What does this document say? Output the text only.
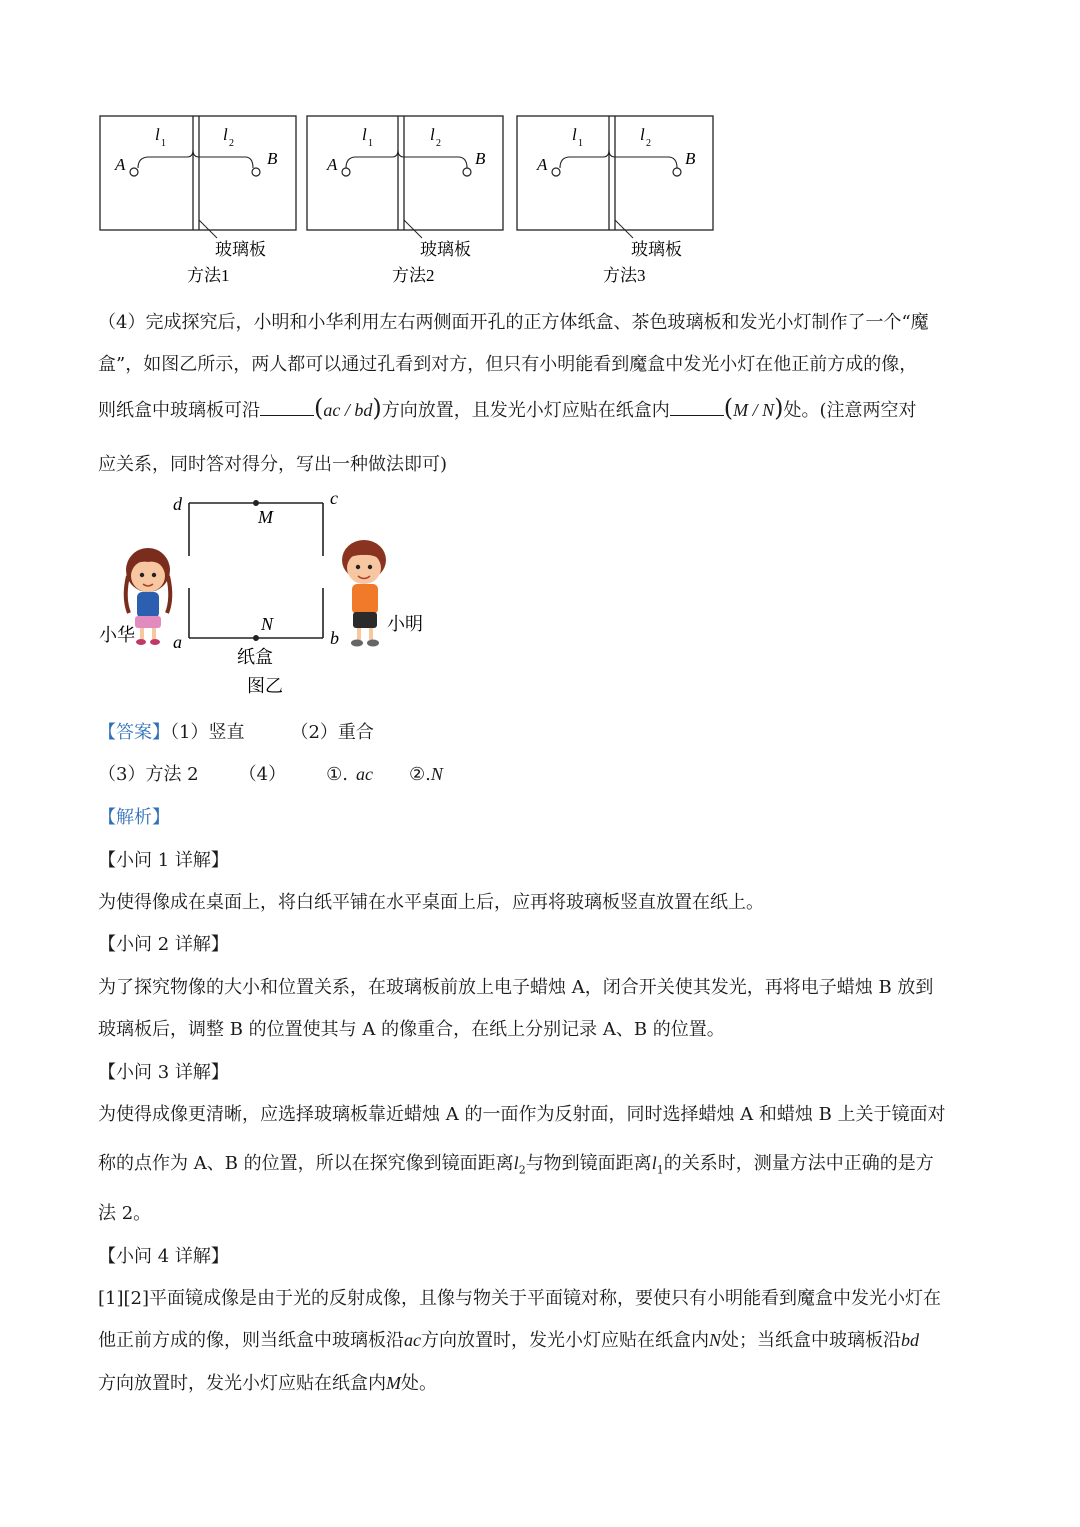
A	B
l 1	l 2
玻璃板
方法1
A	B
l 1	l 2
玻璃板
方法2
A	B
l 1	l 2
玻璃板
方法3
（4）完成探究后，小明和小华利用左右两侧面开孔的正方体纸盒、茶色玻璃板和发光小灯制作了一个“魔
盒”，如图乙所示，两人都可以通过孔看到对方，但只有小明能看到魔盒中发光小灯在他正前方成的像，
则纸盒中玻璃板可沿 (ac / bd)方向放置，且发光小灯应贴在纸盒内 (M / N)处。(注意两空对
应关系，同时答对得分，写出一种做法即可)
d	c
a	b
M
N
纸盒
图乙
小华
小明
【答案】（1）竖直	（2）重合
（3）方法 2 （4） ①. ac ②.N
【解析】
【小问 1 详解】
为使得像成在桌面上，将白纸平铺在水平桌面上后，应再将玻璃板竖直放置在纸上。
【小问 2 详解】
为了探究物像的大小和位置关系，在玻璃板前放上电子蜡烛 A，闭合开关使其发光，再将电子蜡烛 B 放到
玻璃板后，调整 B 的位置使其与 A 的像重合，在纸上分别记录 A、B 的位置。
【小问 3 详解】
为使得成像更清晰，应选择玻璃板靠近蜡烛 A 的一面作为反射面，同时选择蜡烛 A 和蜡烛 B 上关于镜面对
称的点作为 A、B 的位置，所以在探究像到镜面距离$l_2$与物到镜面距离$l_1$的关系时，测量方法中正确的是方
法 2。
【小问 4 详解】
[1][2]平面镜成像是由于光的反射成像，且像与物关于平面镜对称，要使只有小明能看到魔盒中发光小灯在
他正前方成的像，则当纸盒中玻璃板沿ac方向放置时，发光小灯应贴在纸盒内N处；当纸盒中玻璃板沿bd
方向放置时，发光小灯应贴在纸盒内M处。
